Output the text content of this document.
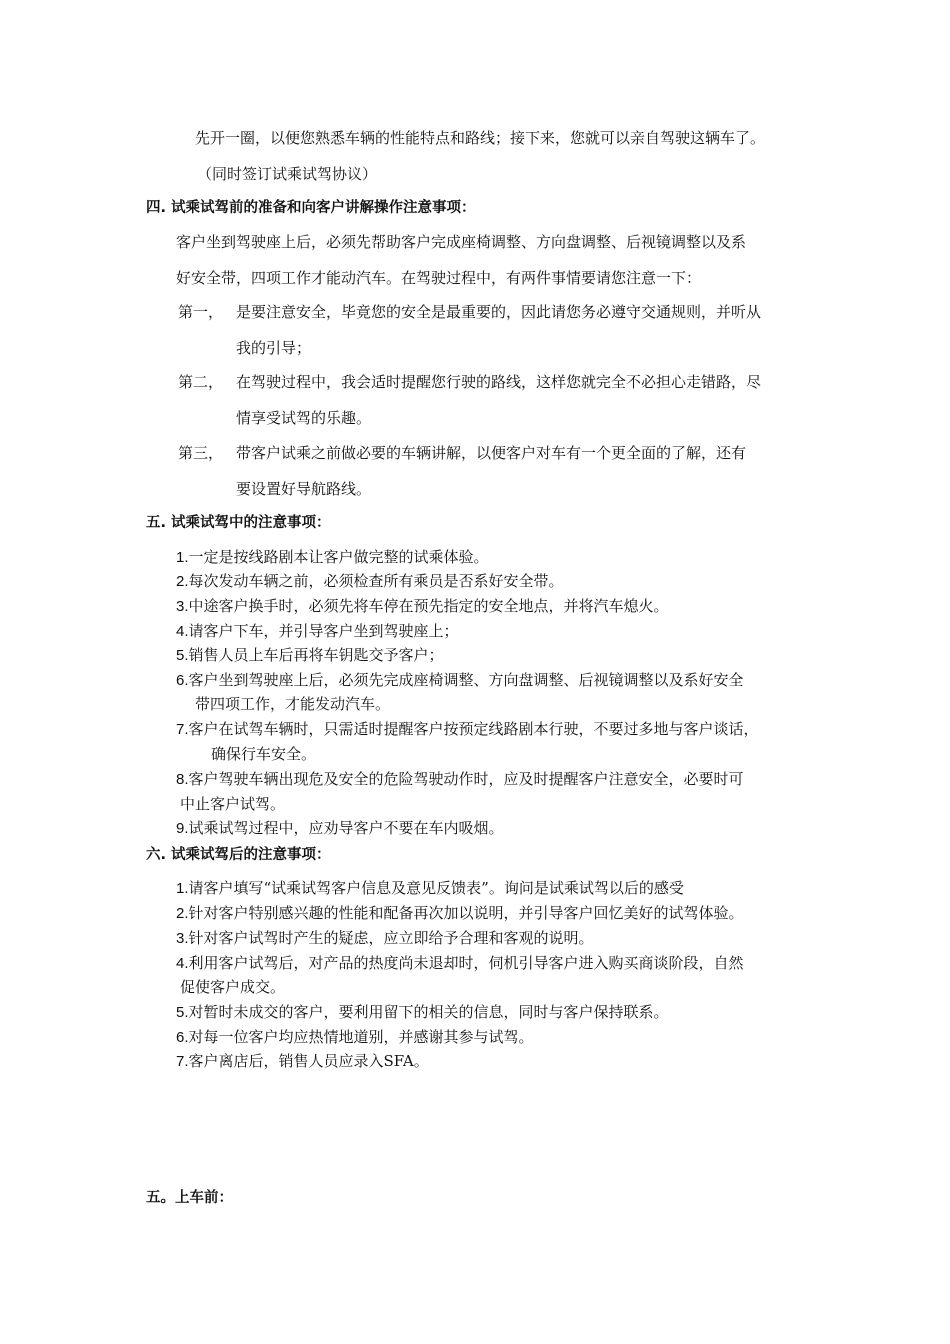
先开一圈，以便您熟悉车辆的性能特点和路线；接下来，您就可以亲自驾驶这辆车了。
（同时签订试乘试驾协议）
四. 试乘试驾前的准备和向客户讲解操作注意事项：
客户坐到驾驶座上后，必须先帮助客户完成座椅调整、方向盘调整、后视镜调整以及系
好安全带，四项工作才能动汽车。在驾驶过程中，有两件事情要请您注意一下：
第一， 是要注意安全，毕竟您的安全是最重要的，因此请您务必遵守交通规则，并听从
我的引导；
第二， 在驾驶过程中，我会适时提醒您行驶的路线，这样您就完全不必担心走错路，尽
情享受试驾的乐趣。
第三， 带客户试乘之前做必要的车辆讲解，以便客户对车有一个更全面的了解，还有
要设置好导航路线。
五. 试乘试驾中的注意事项：
1.一定是按线路剧本让客户做完整的试乘体验。
2.每次发动车辆之前，必须检查所有乘员是否系好安全带。
3.中途客户换手时，必须先将车停在预先指定的安全地点，并将汽车熄火。
4.请客户下车，并引导客户坐到驾驶座上；
5.销售人员上车后再将车钥匙交予客户；
6.客户坐到驾驶座上后，必须先完成座椅调整、方向盘调整、后视镜调整以及系好安全
带四项工作，才能发动汽车。
7.客户在试驾车辆时，只需适时提醒客户按预定线路剧本行驶，不要过多地与客户谈话，
确保行车安全。
8.客户驾驶车辆出现危及安全的危险驾驶动作时，应及时提醒客户注意安全，必要时可
中止客户试驾。
9.试乘试驾过程中，应劝导客户不要在车内吸烟。
六. 试乘试驾后的注意事项：
1.请客户填写“试乘试驾客户信息及意见反馈表”。询问是试乘试驾以后的感受
2.针对客户特别感兴趣的性能和配备再次加以说明，并引导客户回忆美好的试驾体验。
3.针对客户试驾时产生的疑虑，应立即给予合理和客观的说明。
4.利用客户试驾后，对产品的热度尚未退却时，伺机引导客户进入购买商谈阶段，自然
促使客户成交。
5.对暂时未成交的客户，要利用留下的相关的信息，同时与客户保持联系。
6.对每一位客户均应热情地道别，并感谢其参与试驾。
7.客户离店后，销售人员应录入SFA。
五。上车前：
